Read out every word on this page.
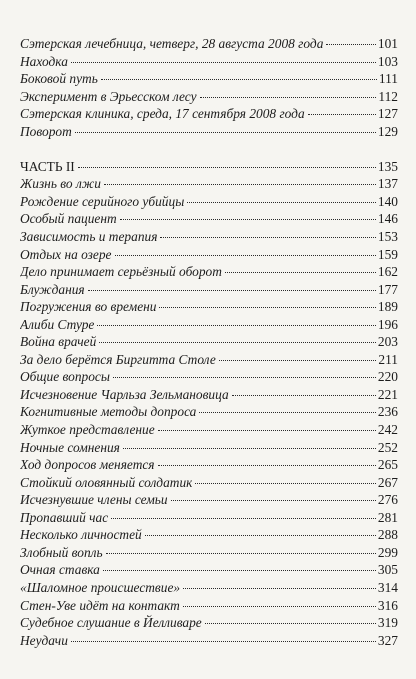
Сэтерская лечебница, четверг, 28 августа 2008 года	101
Находка	103
Боковой путь	111
Эксперимент в Эрьесском лесу	112
Сэтерская клиника, среда, 17 сентября 2008 года	127
Поворот	129
ЧАСТЬ II	135
Жизнь во лжи	137
Рождение серийного убийцы	140
Особый пациент	146
Зависимость и терапия	153
Отдых на озере	159
Дело принимает серьёзный оборот	162
Блуждания	177
Погружения во времени	189
Алиби Стуре	196
Война врачей	203
За дело берётся Биргитта Столе	211
Общие вопросы	220
Исчезновение Чарльза Зельмановица	221
Когнитивные методы допроса	236
Жуткое представление	242
Ночные сомнения	252
Ход допросов меняется	265
Стойкий оловянный солдатик	267
Исчезнувшие члены семьи	276
Пропавший час	281
Несколько личностей	288
Злобный вопль	299
Очная ставка	305
«Шаломное происшествие»	314
Стен-Уве идёт на контакт	316
Судебное слушание в Йелливаре	319
Неудачи	327
